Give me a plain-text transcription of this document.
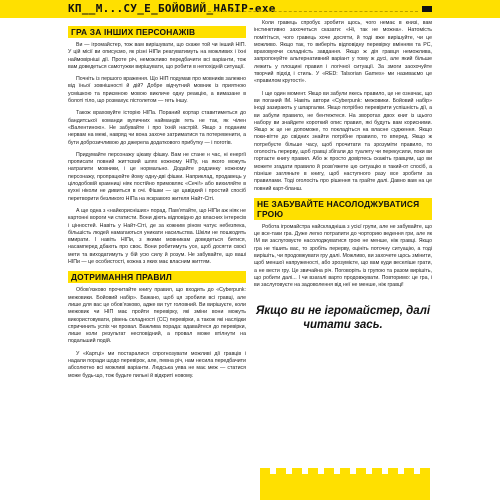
КП__М...СУ_Е_БОЙОВИЙ_НАБІР-exe
ГРА ЗА ІНШИХ ПЕРСОНАЖІВ

Ви — ігромайстер, тож вам вирішувати, що скаже той чи інший НІП. У цій місії ви описуємо, як різні НІПи реагуватимуть на можливих і їхні наймовірніші дії. Проте річ, неможливо передбачити всі варіанти, тож вам доведеться самотужки вирішувати, що робити в непохідній ситуації.

Почніть із першого враження. Що НІП подумав про мовників залежно від їньої зовнішності й дій? Добре відчутний мовник із приятною усмішкою та приємною мовою викличе одну реакцію, а вимазане в болоті тіло, що розмахує пістолетом — геть іншу.

Також враховуйте історію НІПа. Пораний кортар ставитиметься до бандитської команди вуличних наймандів геть не так, як чілен «Валентиною». Не забувайте і про їхній настрій. Якщо з поданим нервам на межі, навряд чи вона захоче затриматися та потеревенити, а бути доброзичливою до джерела додаткового прибутку — і поготів.

Придумайте персонажу цікаву фішку. Вам не стане н час, ні енергії прописати повний життєвий шлях кожному НІПу, на якого можуть натрапити мовники, і це нормально. Додайте родзинку кожному персонажу, пропрацюйте йому одну-дві фішки. Наприклад, продавець у цілодобовій крамниці ніяк постійно примовляє «Сечі!» або вихиляйте в кухні ніколи не дивиться в очі. Фішки — це цавідкий і простий спосіб перетворити безликого НІПа на яскравого жителя Найт-Сіті.

А ще одна з «найкорисніших» порад. Пам’ятайте, що НІПи аж ніяк не картонні вороги чи статисти. Вони діють відповідно до власних інтересів і цінностей. Навіть у Найт-Сіті, де за кожним ріном чатує небезпека, більшість людей намагаються уникати насильства. Шкіли не пошкодять вмирати. І навіть НІПи, з якими мовникам доведеться битися, насамперед дбають про своє. Вони робитимуть усе, щоб досягти своєї мети та виходатимуть у бій усю силу й розум. Не забувайте, що ваші НІПи — це особистості, кожна з яких має власним життям.

ДОТРИМАННЯ ПРАВИЛ

Обов’язково прочитайте книгу правил, що входить до «Cyberpunk: межовики. Бойовий набір». Бажано, щоб ця зробили всі гравці, але лише для вас це обов’язково, адже ви тут головний. Ви вирішуєте, коли межовик чи НІП має пройти перевірку, які зміни вони можуть використовувати, рівень складності (СС) перевірки, а також які наслідки спричинить успіх чи провал. Важлива порада: вдавайтеся до перевірки, лише коли результат несповідний, а провал може втілнути на подальший подій.

У «Картці» ми постаралися спрогнозувати можливі дії гравців і надали поради щодо перевірок, але, певна річ, нам несила передбачити абсолютно всі можливі варіанти. Людська уява не має меж — статися може будь-що, тож будьте пильні й відкриті новому.

Коли гравець спробує зробити щось, чого немає в книзі, вам інстинктивно захочеться сказати: «Ні, так не можна». Натомість помітіться, чого гравець хоче досягти, й тоді вже вирішуйте, чи це можливо. Якщо так, то виберіть відповідну перевірку вмінням та РС, враховуючи складність завдання. Якщо ж дія гравця неможлива, запропонуйте альтернативний варіант у тому ж дусі, але який більше лежить у площині правил і логічної ситуації. За змоги заохочуйте творчий підхід і стиль. У «RED: Talsorian Games» ми називаємо це «правилом крутості».

І ще один момент. Якщо ви забули якесь правило, це не означає, що ви поганий ІМ. Навіть автори «Cyberpunk: межовики. Бойовий набір» іноді зазирають у шпаргалки. Якщо потрібно перевірити успішність дії, а ви забули правило, не бентежтеся. На зворотах двох книг із щього набору ви знайдете короткий опис правил, які будуть вам корисними. Якщо ж це не допоможе, то покладіться на власне судження. Якщо поки-вітте до свідних знайти потрібне правило, то вперед. Якщо ж потребуєте більше часу, щоб прочитати та зрозуміти правило, то оголосіть перерву, щоб гравці збігали до туалету чи перекусили, поки ви гортаєте книгу правил. Або ж просто довіртесь скажіть гравцям, що ви можете згадати правило й розв’яжете цю ситуацію в такий-от спосіб, а пізніше загляньте в книгу, щоб наступного разу все зробити за правилами. Тоді оголосіть про рішення та грайте далі. Давно вам на це повний карт-бланш.

НЕ ЗАБУВАЙТЕ НАСОЛОДЖУВАТИСЯ ГРОЮ

Робота ігромайстра найскладніша з усієї групи, але не забувайте, що це все-таки гра. Дуже легко потрапити до чорторию ведення гри, але як ІМ ви заслуговуєте насолоджуватися грою не менше, ніж гравці. Якщо гра не тішить вас, то зробіть перерву, оцініть поточну ситуацію, а тоді вирішіть, чи продовжувати гру далі. Можливо, ви захочете щось змінити, щоб меншої напруженості, або зрозумієте, що вам куди веселіше грати, а не вести гру. Це звичайна річ. Поговоріть із групою та разом вирішіть, що робити далі... І чи взагалі варто продовжувати. Повторимо: це гра, і ви заслуговуєте на задоволення від неї не менше, ніж гравці!

Якщо ви не ігромайстер, далі читати зась.
